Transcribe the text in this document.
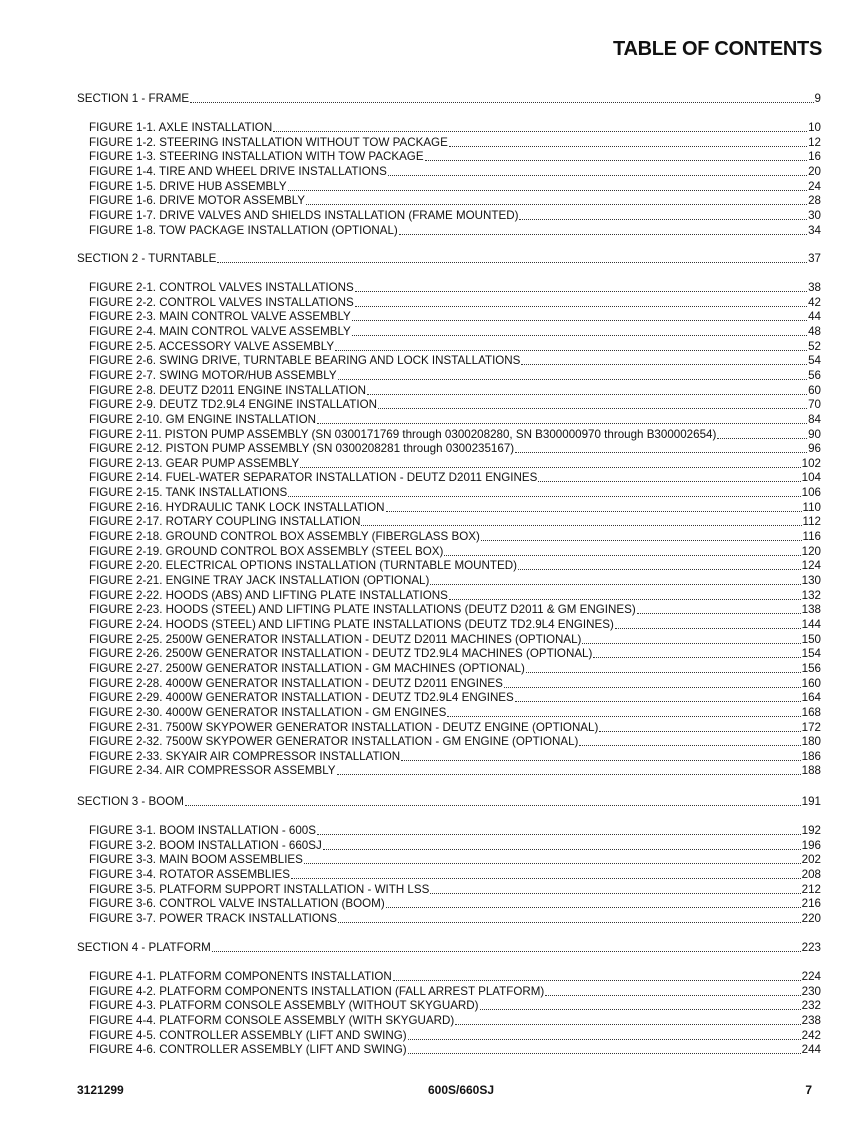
TABLE OF CONTENTS
SECTION 1 - FRAME	9
FIGURE 1-1. AXLE INSTALLATION	10
FIGURE 1-2. STEERING INSTALLATION WITHOUT TOW PACKAGE	12
FIGURE 1-3. STEERING INSTALLATION WITH TOW PACKAGE	16
FIGURE 1-4. TIRE AND WHEEL DRIVE INSTALLATIONS	20
FIGURE 1-5. DRIVE HUB ASSEMBLY	24
FIGURE 1-6. DRIVE MOTOR ASSEMBLY	28
FIGURE 1-7. DRIVE VALVES AND SHIELDS INSTALLATION (FRAME MOUNTED)	30
FIGURE 1-8. TOW PACKAGE INSTALLATION (OPTIONAL)	34
SECTION 2 - TURNTABLE	37
FIGURE 2-1. CONTROL VALVES INSTALLATIONS	38
FIGURE 2-2. CONTROL VALVES INSTALLATIONS	42
FIGURE 2-3. MAIN CONTROL VALVE ASSEMBLY	44
FIGURE 2-4. MAIN CONTROL VALVE ASSEMBLY	48
FIGURE 2-5. ACCESSORY VALVE ASSEMBLY	52
FIGURE 2-6. SWING DRIVE, TURNTABLE BEARING AND LOCK INSTALLATIONS	54
FIGURE 2-7. SWING MOTOR/HUB ASSEMBLY	56
FIGURE 2-8. DEUTZ D2011 ENGINE INSTALLATION	60
FIGURE 2-9. DEUTZ TD2.9L4 ENGINE INSTALLATION	70
FIGURE 2-10. GM ENGINE INSTALLATION	84
FIGURE 2-11. PISTON PUMP ASSEMBLY (SN 0300171769 through 0300208280, SN B300000970 through B300002654)	90
FIGURE 2-12. PISTON PUMP ASSEMBLY (SN 0300208281 through 0300235167)	96
FIGURE 2-13. GEAR PUMP ASSEMBLY	102
FIGURE 2-14. FUEL-WATER SEPARATOR INSTALLATION - DEUTZ D2011 ENGINES	104
FIGURE 2-15. TANK INSTALLATIONS	106
FIGURE 2-16. HYDRAULIC TANK LOCK INSTALLATION	110
FIGURE 2-17. ROTARY COUPLING INSTALLATION	112
FIGURE 2-18. GROUND CONTROL BOX ASSEMBLY (FIBERGLASS BOX)	116
FIGURE 2-19. GROUND CONTROL BOX ASSEMBLY (STEEL BOX)	120
FIGURE 2-20. ELECTRICAL OPTIONS INSTALLATION (TURNTABLE MOUNTED)	124
FIGURE 2-21. ENGINE TRAY JACK INSTALLATION (OPTIONAL)	130
FIGURE 2-22. HOODS (ABS) AND LIFTING PLATE INSTALLATIONS	132
FIGURE 2-23. HOODS (STEEL) AND LIFTING PLATE INSTALLATIONS (DEUTZ D2011 & GM ENGINES)	138
FIGURE 2-24. HOODS (STEEL) AND LIFTING PLATE INSTALLATIONS (DEUTZ TD2.9L4 ENGINES)	144
FIGURE 2-25. 2500W GENERATOR INSTALLATION - DEUTZ D2011 MACHINES (OPTIONAL)	150
FIGURE 2-26. 2500W GENERATOR INSTALLATION - DEUTZ TD2.9L4 MACHINES (OPTIONAL)	154
FIGURE 2-27. 2500W GENERATOR INSTALLATION - GM MACHINES (OPTIONAL)	156
FIGURE 2-28. 4000W GENERATOR INSTALLATION - DEUTZ D2011 ENGINES	160
FIGURE 2-29. 4000W GENERATOR INSTALLATION - DEUTZ TD2.9L4 ENGINES	164
FIGURE 2-30. 4000W GENERATOR INSTALLATION - GM ENGINES	168
FIGURE 2-31. 7500W SKYPOWER GENERATOR INSTALLATION - DEUTZ ENGINE (OPTIONAL)	172
FIGURE 2-32. 7500W SKYPOWER GENERATOR INSTALLATION - GM ENGINE (OPTIONAL)	180
FIGURE 2-33. SKYAIR AIR COMPRESSOR INSTALLATION	186
FIGURE 2-34. AIR COMPRESSOR ASSEMBLY	188
SECTION 3 - BOOM	191
FIGURE 3-1. BOOM INSTALLATION - 600S	192
FIGURE 3-2. BOOM INSTALLATION - 660SJ	196
FIGURE 3-3. MAIN BOOM ASSEMBLIES	202
FIGURE 3-4. ROTATOR ASSEMBLIES	208
FIGURE 3-5. PLATFORM SUPPORT INSTALLATION - WITH LSS	212
FIGURE 3-6. CONTROL VALVE INSTALLATION (BOOM)	216
FIGURE 3-7. POWER TRACK INSTALLATIONS	220
SECTION 4 - PLATFORM	223
FIGURE 4-1. PLATFORM COMPONENTS INSTALLATION	224
FIGURE 4-2. PLATFORM COMPONENTS INSTALLATION (FALL ARREST PLATFORM)	230
FIGURE 4-3. PLATFORM CONSOLE ASSEMBLY (WITHOUT SKYGUARD)	232
FIGURE 4-4. PLATFORM CONSOLE ASSEMBLY (WITH SKYGUARD)	238
FIGURE 4-5. CONTROLLER ASSEMBLY (LIFT AND SWING)	242
FIGURE 4-6. CONTROLLER ASSEMBLY (LIFT AND SWING)	244
3121299	600S/660SJ	7
